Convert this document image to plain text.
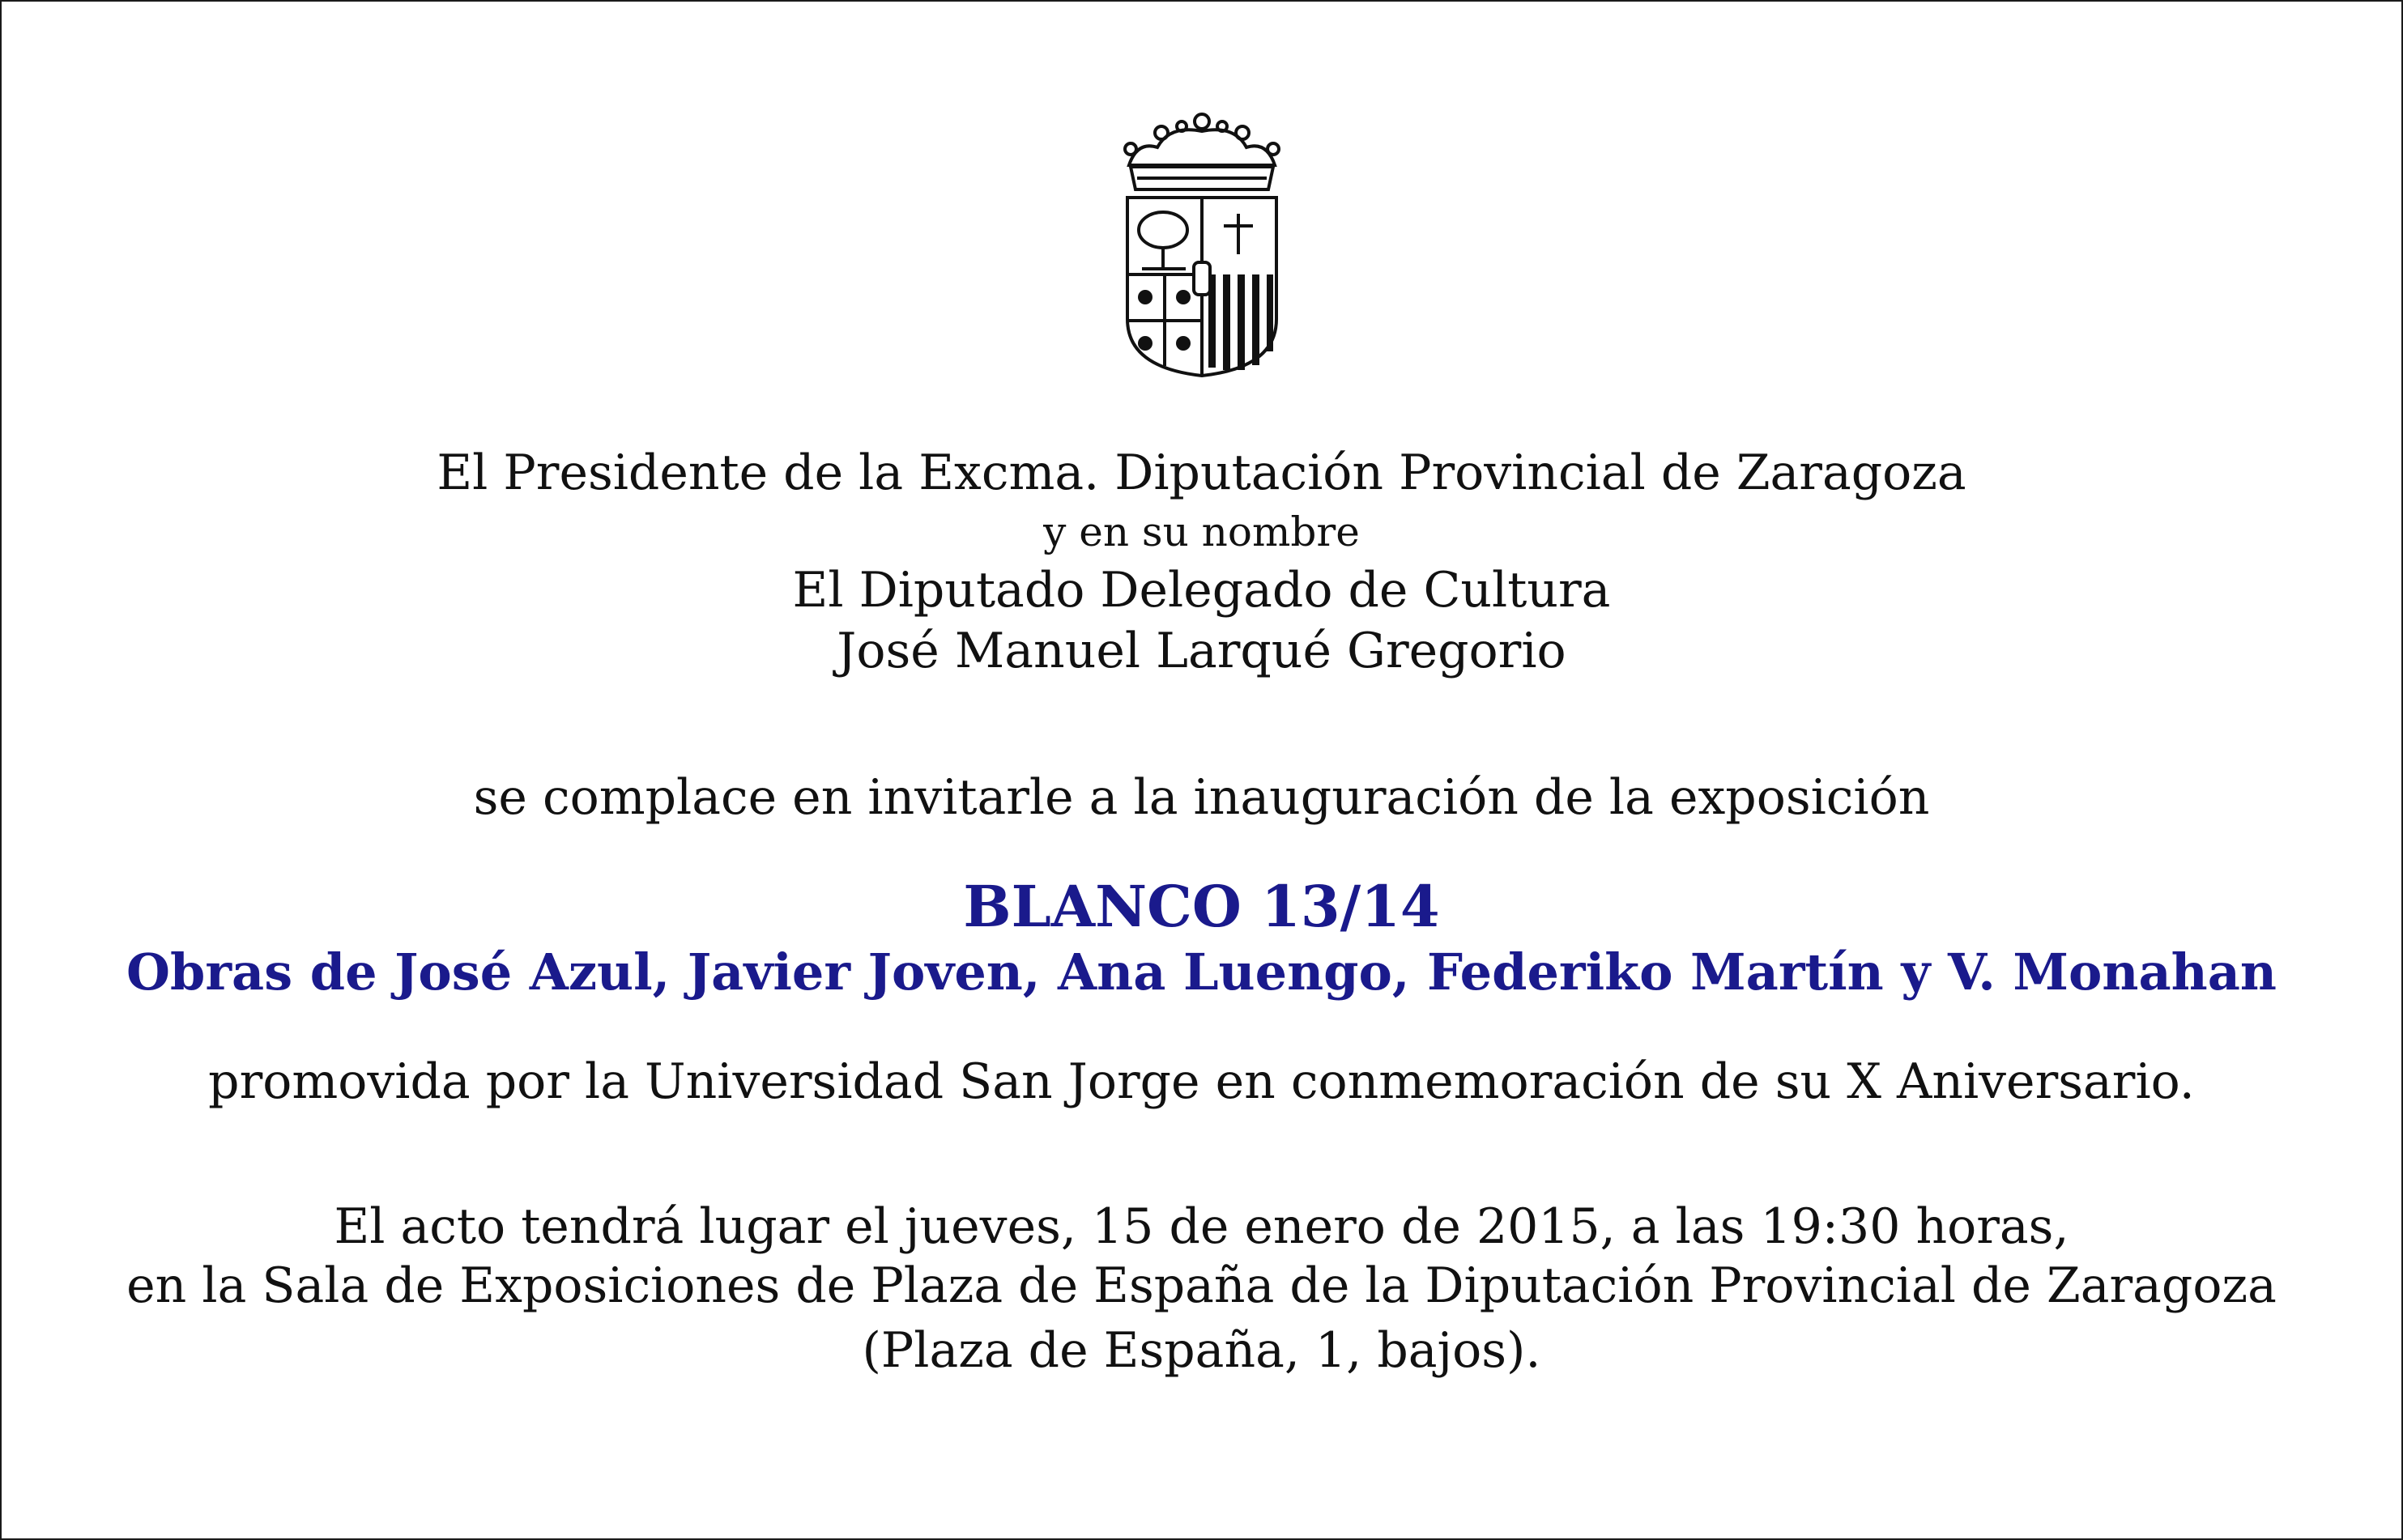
El Presidente de la Excma. Diputación Provincial de Zaragoza
y en su nombre
El Diputado Delegado de Cultura
José Manuel Larqué Gregorio
se complace en invitarle a la inauguración de la exposición
BLANCO 13/14
Obras de José Azul, Javier Joven, Ana Luengo, Federiko Martín y V. Monahan
promovida por la Universidad San Jorge en conmemoración de su X Aniversario.
El acto tendrá lugar el jueves, 15 de enero de 2015, a las 19:30 horas,
en la Sala de Exposiciones de Plaza de España de la Diputación Provincial de Zaragoza
(Plaza de España, 1, bajos).
